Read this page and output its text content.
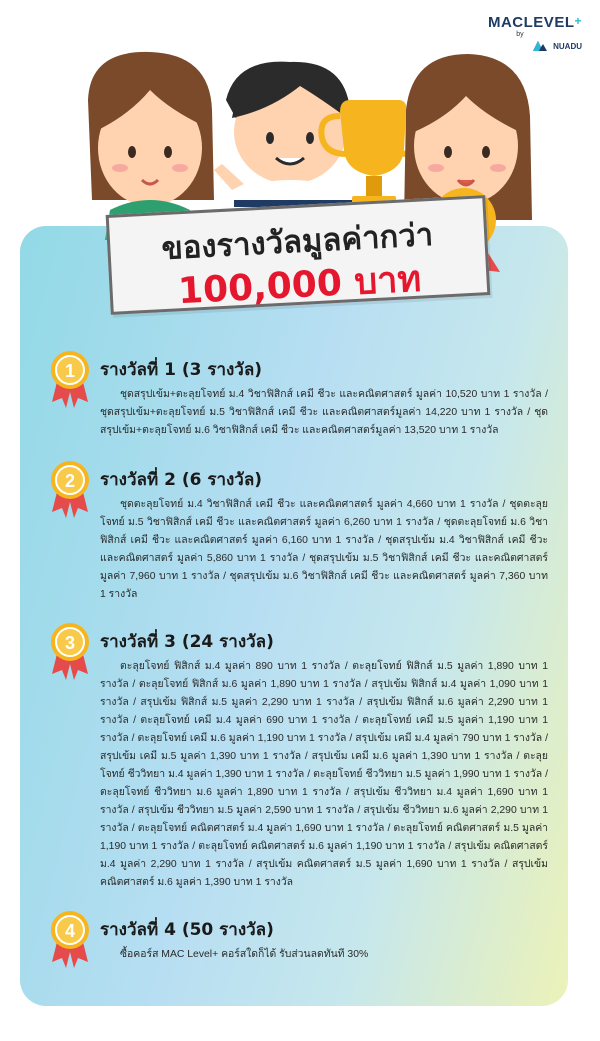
MACLEVEL+
by
NUADU
ของรางวัลมูลค่ากว่า
100,000 บาท
1 รางวัลที่ 1 (3 รางวัล)
ชุดสรุปเข้ม+ตะลุยโจทย์ ม.4 วิชาฟิสิกส์ เคมี ชีวะ และคณิตศาสตร์ มูลค่า 10,520 บาท 1 รางวัล / ชุดสรุปเข้ม+ตะลุยโจทย์ ม.5 วิชาฟิสิกส์ เคมี ชีวะ และคณิตศาสตร์มูลค่า 14,220 บาท 1 รางวัล / ชุดสรุปเข้ม+ตะลุยโจทย์ ม.6 วิชาฟิสิกส์ เคมี ชีวะ และคณิตศาสตร์มูลค่า 13,520 บาท 1 รางวัล
2 รางวัลที่ 2 (6 รางวัล)
ชุดตะลุยโจทย์ ม.4 วิชาฟิสิกส์ เคมี ชีวะ และคณิตศาสตร์ มูลค่า 4,660 บาท 1 รางวัล / ชุดตะลุยโจทย์ ม.5 วิชาฟิสิกส์ เคมี ชีวะ และคณิตศาสตร์ มูลค่า 6,260 บาท 1 รางวัล / ชุดตะลุยโจทย์ ม.6 วิชาฟิสิกส์ เคมี ชีวะ และคณิตศาสตร์ มูลค่า 6,160 บาท 1 รางวัล / ชุดสรุปเข้ม ม.4 วิชาฟิสิกส์ เคมี ชีวะ และคณิตศาสตร์ มูลค่า 5,860 บาท 1 รางวัล / ชุดสรุปเข้ม ม.5 วิชาฟิสิกส์ เคมี ชีวะ และคณิตศาสตร์ มูลค่า 7,960 บาท 1 รางวัล / ชุดสรุปเข้ม ม.6 วิชาฟิสิกส์ เคมี ชีวะ และคณิตศาสตร์ มูลค่า 7,360 บาท 1 รางวัล
3 รางวัลที่ 3 (24 รางวัล)
ตะลุยโจทย์ ฟิสิกส์ ม.4 มูลค่า 890 บาท 1 รางวัล / ตะลุยโจทย์ ฟิสิกส์ ม.5 มูลค่า 1,890 บาท 1 รางวัล / ตะลุยโจทย์ ฟิสิกส์ ม.6 มูลค่า 1,890 บาท 1 รางวัล / สรุปเข้ม ฟิสิกส์ ม.4 มูลค่า 1,090 บาท 1 รางวัล / สรุปเข้ม ฟิสิกส์ ม.5 มูลค่า 2,290 บาท 1 รางวัล / สรุปเข้ม ฟิสิกส์ ม.6 มูลค่า 2,290 บาท 1 รางวัล / ตะลุยโจทย์ เคมี ม.4 มูลค่า 690 บาท 1 รางวัล / ตะลุยโจทย์ เคมี ม.5 มูลค่า 1,190 บาท 1 รางวัล / ตะลุยโจทย์ เคมี ม.6 มูลค่า 1,190 บาท 1 รางวัล / สรุปเข้ม เคมี ม.4 มูลค่า 790 บาท 1 รางวัล / สรุปเข้ม เคมี ม.5 มูลค่า 1,390 บาท 1 รางวัล / สรุปเข้ม เคมี ม.6 มูลค่า 1,390 บาท 1 รางวัล / ตะลุยโจทย์ ชีววิทยา ม.4 มูลค่า 1,390 บาท 1 รางวัล / ตะลุยโจทย์ ชีววิทยา ม.5 มูลค่า 1,990 บาท 1 รางวัล / ตะลุยโจทย์ ชีววิทยา ม.6 มูลค่า 1,890 บาท 1 รางวัล / สรุปเข้ม ชีววิทยา ม.4 มูลค่า 1,690 บาท 1 รางวัล / สรุปเข้ม ชีววิทยา ม.5 มูลค่า 2,590 บาท 1 รางวัล / สรุปเข้ม ชีววิทยา ม.6 มูลค่า 2,290 บาท 1 รางวัล / ตะลุยโจทย์ คณิตศาสตร์ ม.4 มูลค่า 1,690 บาท 1 รางวัล / ตะลุยโจทย์ คณิตศาสตร์ ม.5 มูลค่า 1,190 บาท 1 รางวัล / ตะลุยโจทย์ คณิตศาสตร์ ม.6 มูลค่า 1,190 บาท 1 รางวัล / สรุปเข้ม คณิตศาสตร์ ม.4 มูลค่า 2,290 บาท 1 รางวัล / สรุปเข้ม คณิตศาสตร์ ม.5 มูลค่า 1,690 บาท 1 รางวัล / สรุปเข้ม คณิตศาสตร์ ม.6 มูลค่า 1,390 บาท 1 รางวัล
4 รางวัลที่ 4 (50 รางวัล)
ซื้อคอร์ส MAC Level+ คอร์สใดก็ได้ รับส่วนลดทันที 30%
